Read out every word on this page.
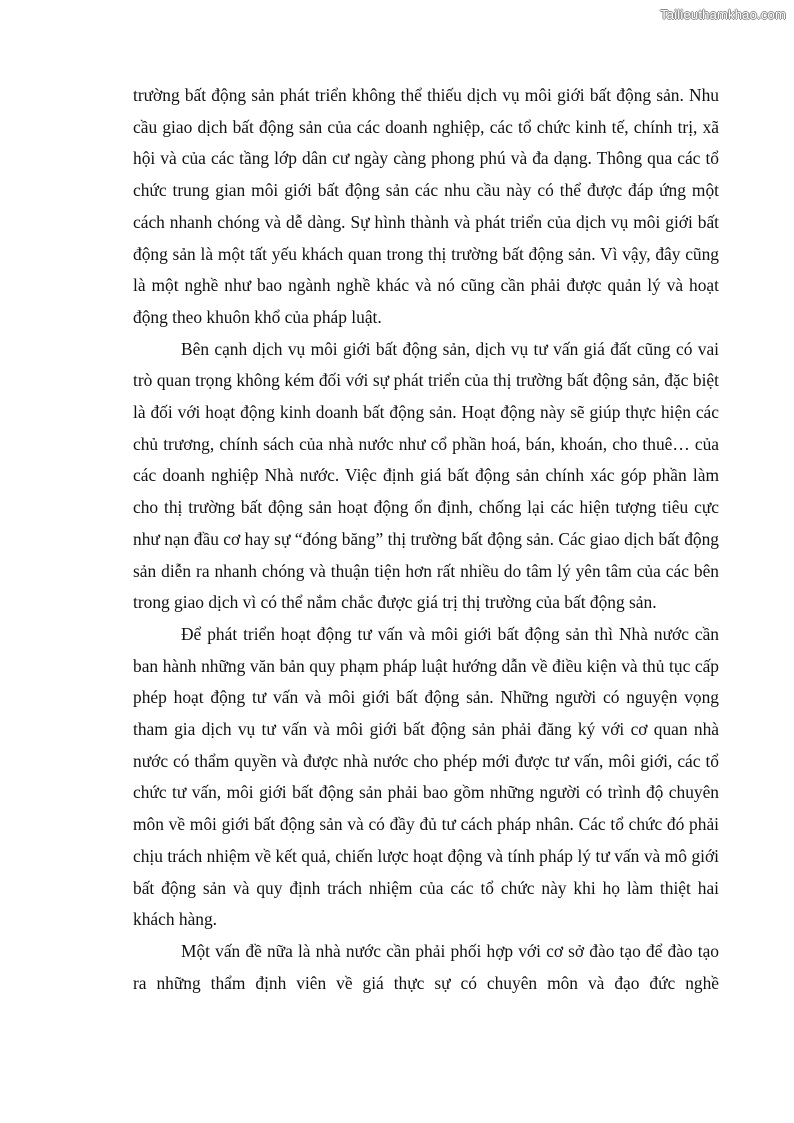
Tailieuthamkhao.com

trường bất động sản phát triển không thể thiếu dịch vụ môi giới bất động sản. Nhu cầu giao dịch bất động sản của các doanh nghiệp, các tổ chức kinh tế, chính trị, xã hội và của các tầng lớp dân cư ngày càng phong phú và đa dạng. Thông qua các tổ chức trung gian môi giới bất động sản các nhu cầu này có thể được đáp ứng một cách nhanh chóng và dễ dàng. Sự hình thành và phát triển của dịch vụ môi giới bất động sản là một tất yếu khách quan trong thị trường bất động sản. Vì vậy, đây cũng là một nghề như bao ngành nghề khác và nó cũng cần phải được quản lý và hoạt động theo khuôn khổ của pháp luật.

Bên cạnh dịch vụ môi giới bất động sản, dịch vụ tư vấn giá đất cũng có vai trò quan trọng không kém đối với sự phát triển của thị trường bất động sản, đặc biệt là đối với hoạt động kinh doanh bất động sản. Hoạt động này sẽ giúp thực hiện các chủ trương, chính sách của nhà nước như cổ phần hoá, bán, khoán, cho thuê… của các doanh nghiệp Nhà nước. Việc định giá bất động sản chính xác góp phần làm cho thị trường bất động sản hoạt động ổn định, chống lại các hiện tượng tiêu cực như nạn đầu cơ hay sự “đóng băng” thị trường bất động sản. Các giao dịch bất động sản diễn ra nhanh chóng và thuận tiện hơn rất nhiều do tâm lý yên tâm của các bên trong giao dịch vì có thể nắm chắc được giá trị thị trường của bất động sản.

Để phát triển hoạt động tư vấn và môi giới bất động sản thì Nhà nước cần ban hành những văn bản quy phạm pháp luật hướng dẫn về điều kiện và thủ tục cấp phép hoạt động tư vấn và môi giới bất động sản. Những người có nguyện vọng tham gia dịch vụ tư vấn và môi giới bất động sản phải đăng ký với cơ quan nhà nước có thẩm quyền và được nhà nước cho phép mới được tư vấn, môi giới, các tổ chức tư vấn, môi giới bất động sản phải bao gồm những người có trình độ chuyên môn về môi giới bất động sản và có đầy đủ tư cách pháp nhân. Các tổ chức đó phải chịu trách nhiệm về kết quả, chiến lược hoạt động và tính pháp lý tư vấn và mô giới bất động sản và quy định trách nhiệm của các tổ chức này khi họ làm thiệt hai khách hàng.

Một vấn đề nữa là nhà nước cần phải phối hợp với cơ sở đào tạo để đào tạo ra những thẩm định viên về giá thực sự có chuyên môn và đạo đức nghề
